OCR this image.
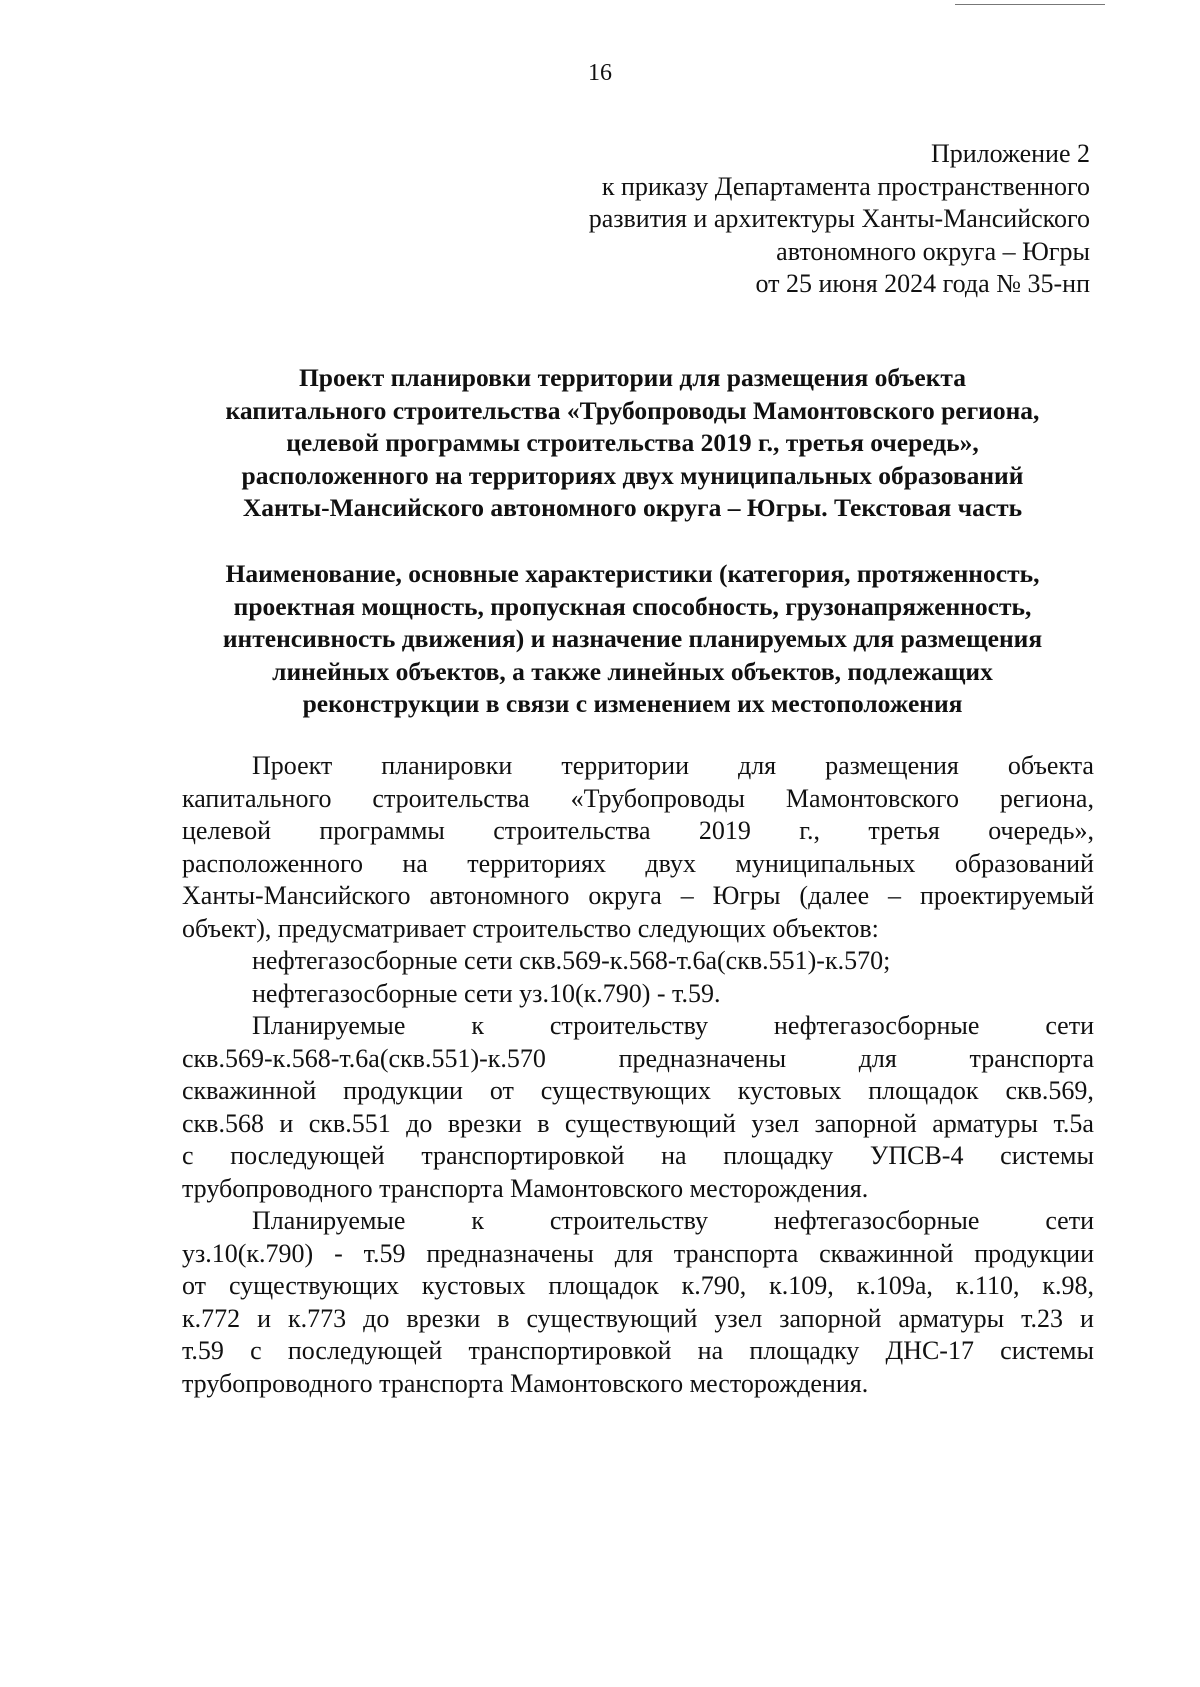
16
Приложение 2
к приказу Департамента пространственного
развития и архитектуры Ханты-Мансийского
автономного округа – Югры
от 25 июня 2024 года № 35-нп
Проект планировки территории для размещения объекта
капитального строительства «Трубопроводы Мамонтовского региона,
целевой программы строительства 2019 г., третья очередь»,
расположенного на территориях двух муниципальных образований
Ханты-Мансийского автономного округа – Югры. Текстовая часть
Наименование, основные характеристики (категория, протяженность,
проектная мощность, пропускная способность, грузонапряженность,
интенсивность движения) и назначение планируемых для размещения
линейных объектов, а также линейных объектов, подлежащих
реконструкции в связи с изменением их местоположения
Проект планировки территории для размещения объекта
капитального строительства «Трубопроводы Мамонтовского региона,
целевой программы строительства 2019 г., третья очередь»,
расположенного на территориях двух муниципальных образований
Ханты-Мансийского автономного округа – Югры (далее – проектируемый
объект), предусматривает строительство следующих объектов:
нефтегазосборные сети скв.569-к.568-т.6а(скв.551)-к.570;
нефтегазосборные сети уз.10(к.790) - т.59.
Планируемые	к	строительству	нефтегазосборные	сети
скв.569-к.568-т.6а(скв.551)-к.570	предназначены	для	транспорта
скважинной продукции от существующих кустовых площадок скв.569,
скв.568 и скв.551 до врезки в существующий узел запорной арматуры т.5а
с последующей транспортировкой на площадку УПСВ-4 системы
трубопроводного транспорта Мамонтовского месторождения.
Планируемые	к	строительству	нефтегазосборные	сети
уз.10(к.790) - т.59 предназначены для транспорта скважинной продукции
от существующих кустовых площадок к.790, к.109, к.109а, к.110, к.98,
к.772 и к.773 до врезки в существующий узел запорной арматуры т.23 и
т.59 с последующей транспортировкой на площадку ДНС-17 системы
трубопроводного транспорта Мамонтовского месторождения.
